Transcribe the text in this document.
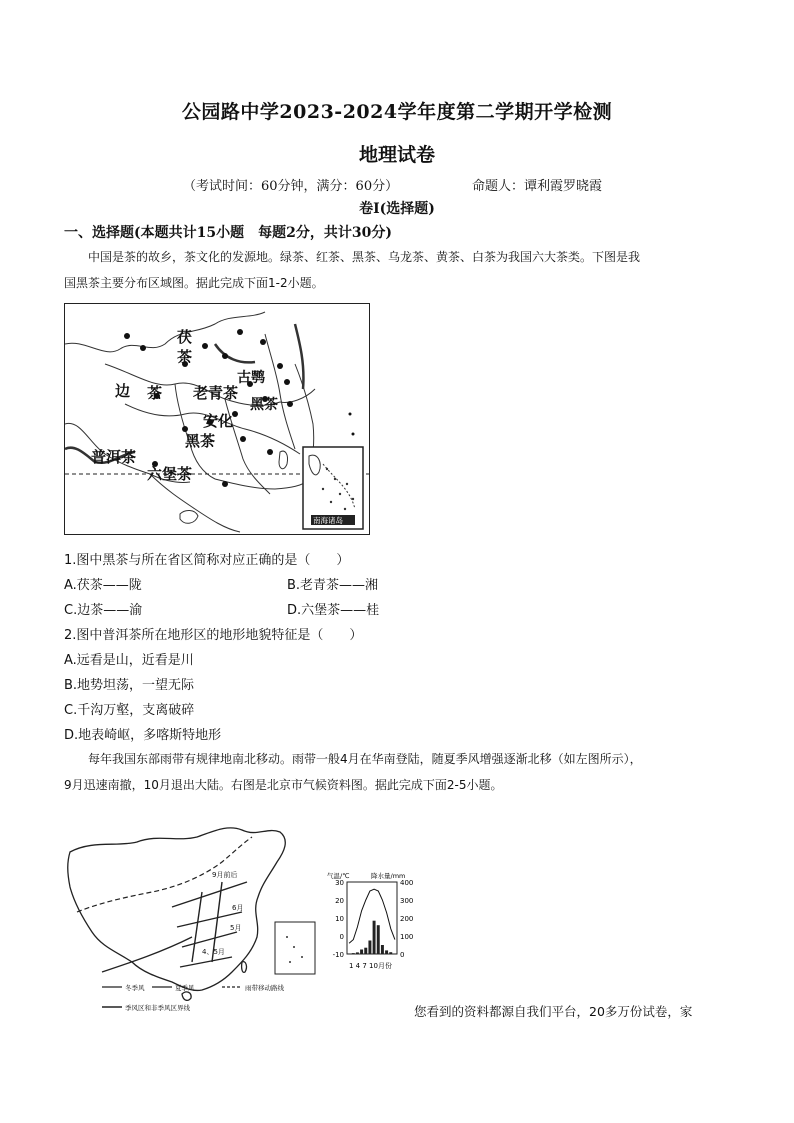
公园路中学2023-2024学年度第二学期开学检测
地理试卷
（考试时间：60分钟，满分：60分）	命题人：谭利霞罗晓霞
卷Ⅰ(选择题)
一、选择题(本题共计15小题　每题2分，共计30分)
中国是茶的故乡，茶文化的发源地。绿茶、红茶、黑茶、乌龙茶、黄茶、白茶为我国六大茶类。下图是我
国黑茶主要分布区域图。据此完成下面1-2小题。
茯
茶
边 茶 老青茶
古鹗
黑茶
安化
黑茶
普洱茶
六堡茶
南海诸岛
1.图中黑茶与所在省区简称对应正确的是（　　）
A.茯茶——陇	B.老青茶——湘
C.边茶——渝	D.六堡茶——桂
2.图中普洱茶所在地形区的地形地貌特征是（　　）
A.远看是山，近看是川
B.地势坦荡，一望无际
C.千沟万壑，支离破碎
D.地表崎岖，多喀斯特地形
每年我国东部雨带有规律地南北移动。雨带一般4月在华南登陆，随夏季风增强逐渐北移（如左图所示），
9月迅速南撤，10月退出大陆。右图是北京市气候资料图。据此完成下面2-5小题。
9月前后
6月
5月
4、5月
冬季风	夏季风	雨带移动路线
季风区和非季风区界线
气温/℃	降水量/mm
30
20
10
0
-10
400
300
200
100
0
1 4 7 10月份
您看到的资料都源自我们平台，20多万份试卷，家
